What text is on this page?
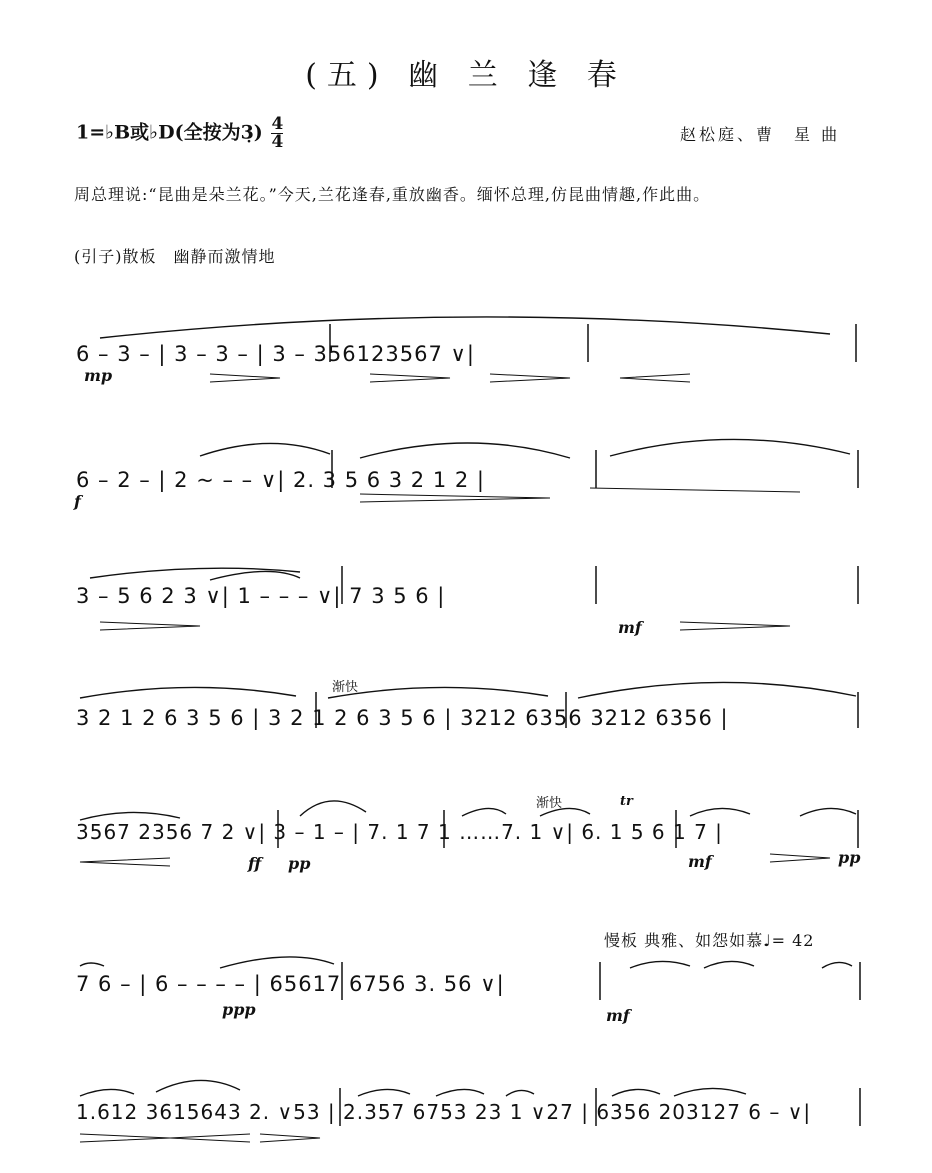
(五) 幽 兰 逢 春
1=♭B或♭D(全按为3̣) $\frac{4}{4}$	赵松庭、曹　星 曲
周总理说:“昆曲是朵兰花。”今天,兰花逢春,重放幽香。缅怀总理,仿昆曲情趣,作此曲。
(引子)散板　幽静而激情地
慢板 典雅、如怨如慕♩= 42
6 – 3 – | 3 – 3 – | 3 – 356123567 ∨|
mp
6 – 2 – | 2 ~ – – ∨| 2. 3 5 6 3 2 1 2 |
f
3 – 5 6 2 3 ∨| 1 – – – ∨| 7 3 5 6 |
mf
3 2 1 2 6 3 5 6 | 3 2 1 2 6 3 5 6 | 3212 6356 3212 6356 |
渐快
3567 2356 7 2 ∨| 3 – 1 – | 7. 1 7 1 ……7. 1 ∨| 6. 1 5 6 1 7 |
ff pp	mf	pp
渐快	tr
7 6 – | 6 – – – – | 65617 6756 3. 56 ∨|
ppp	mf
1.612 3615643 2. ∨53 | 2.357 6753 23 1 ∨27 | 6356 203127 6 – ∨|
